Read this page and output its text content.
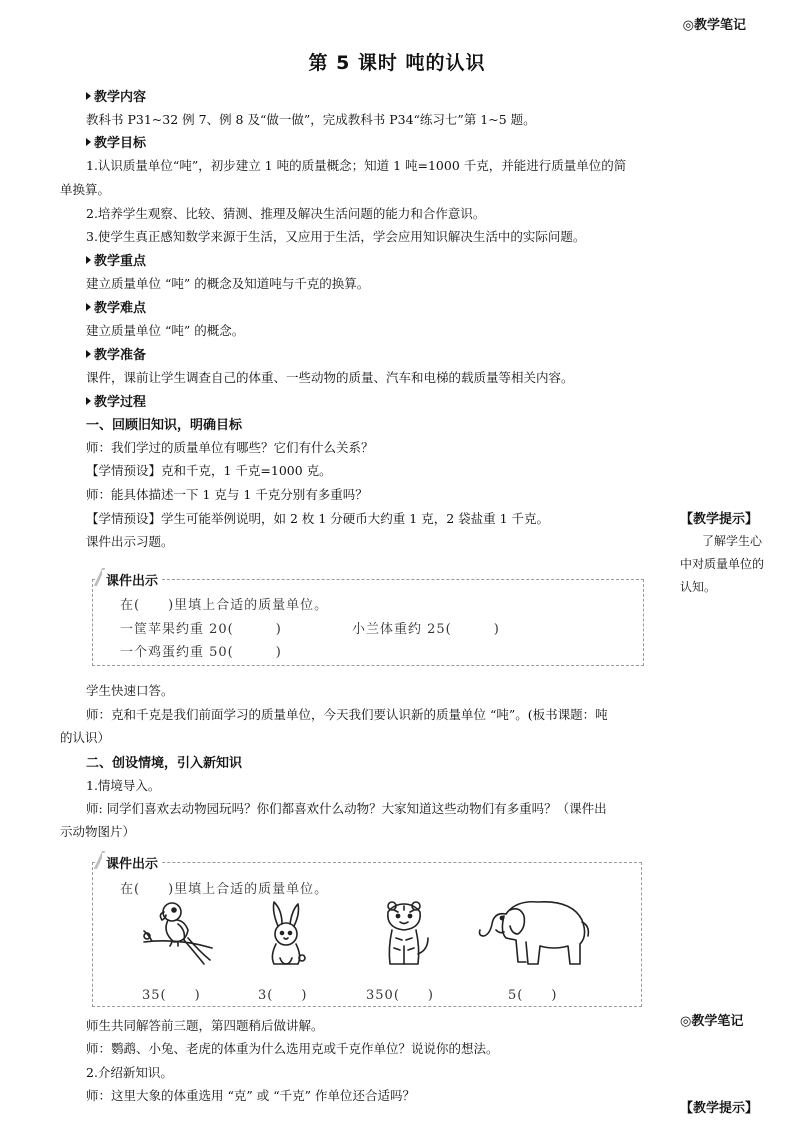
◎教学笔记
第 5 课时 吨的认识
教学内容
教科书 P31~32 例 7、例 8 及“做一做”，完成教科书 P34“练习七”第 1~5 题。
教学目标
1.认识质量单位“吨”，初步建立 1 吨的质量概念；知道 1 吨=1000 千克，并能进行质量单位的简
单换算。
2.培养学生观察、比较、猜测、推理及解决生活问题的能力和合作意识。
3.使学生真正感知数学来源于生活，又应用于生活，学会应用知识解决生活中的实际问题。
教学重点
建立质量单位 “吨” 的概念及知道吨与千克的换算。
教学难点
建立质量单位 “吨” 的概念。
教学准备
课件，课前让学生调查自己的体重、一些动物的质量、汽车和电梯的载质量等相关内容。
教学过程
一、回顾旧知识，明确目标
师：我们学过的质量单位有哪些？它们有什么关系？
【学情预设】克和千克，1 千克=1000 克。
师：能具体描述一下 1 克与 1 千克分别有多重吗？
【学情预设】学生可能举例说明，如 2 枚 1 分硬币大约重 1 克，2 袋盐重 1 千克。
课件出示习题。
课件出示
在(　　)里填上合适的质量单位。
一筐苹果约重 20(　　　)	小兰体重约 25(　　　)
一个鸡蛋约重 50(　　　)
学生快速口答。
师：克和千克是我们前面学习的质量单位，今天我们要认识新的质量单位 “吨”。(板书课题：吨
的认识）
二、创设情境，引入新知识
1.情境导入。
师: 同学们喜欢去动物园玩吗？你们都喜欢什么动物？大家知道这些动物们有多重吗？（课件出
示动物图片）
课件出示
在(　　)里填上合适的质量单位。
35(　　)	3(　　)	350(　　)	5(　　)
师生共同解答前三题，第四题稍后做讲解。
师：鹦鹉、小兔、老虎的体重为什么选用克或千克作单位？说说你的想法。
2.介绍新知识。
师：这里大象的体重选用 “克” 或 “千克” 作单位还合适吗？
【教学提示】
了解学生心
中对质量单位的
认知。
◎教学笔记
【教学提示】
